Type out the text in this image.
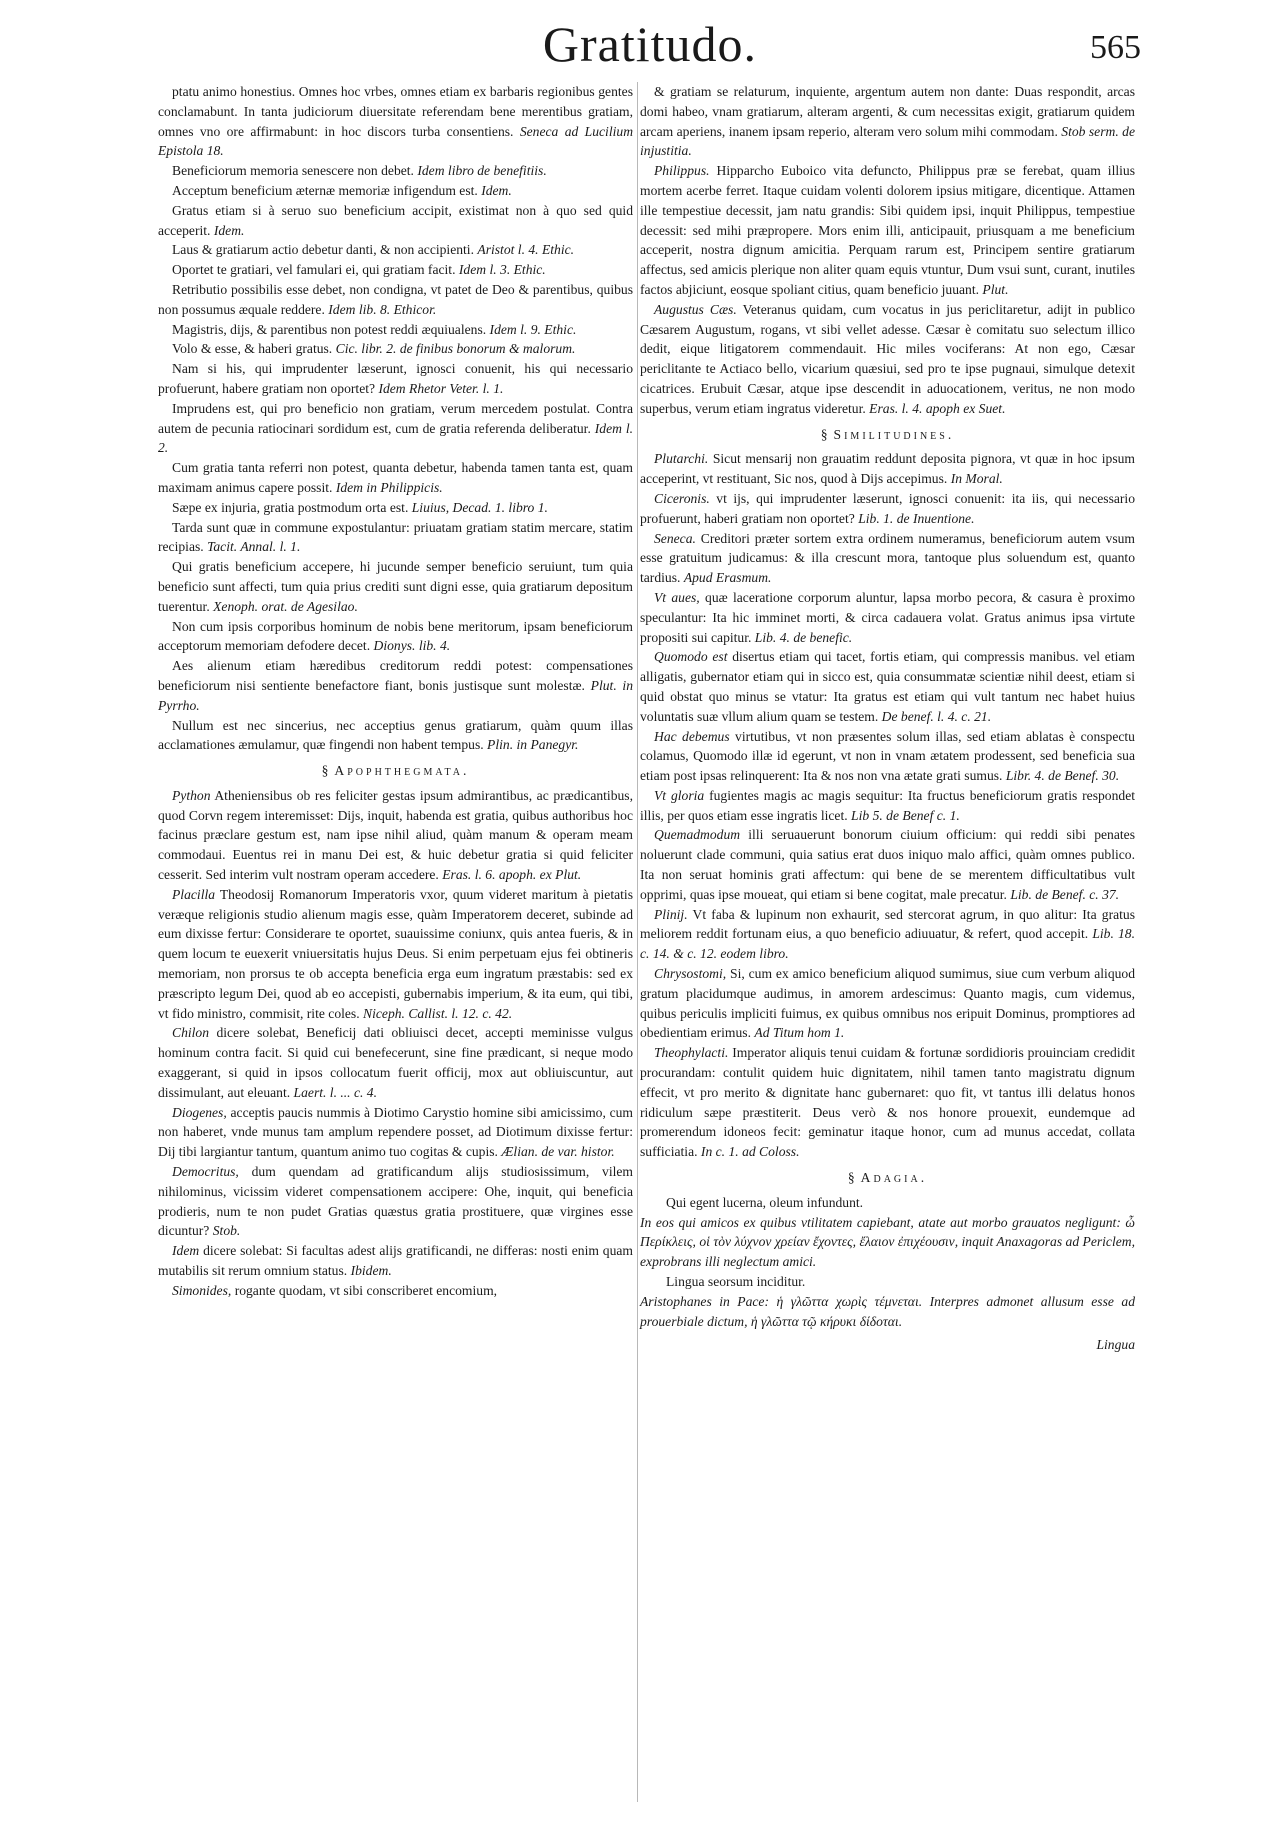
Gratitudo.	565

ptatu animo honestius. Omnes hoc vrbes, omnes etiam ex barbaris regionibus gentes conclamabunt. In tanta judiciorum diuersitate referendam bene merentibus gratiam, omnes vno ore affirmabunt: in hoc discors turba consentiens. Seneca ad Lucilium Epistola 18.

Beneficiorum memoria senescere non debet. Idem libro de benefitiis.

Acceptum beneficium æternæ memoriæ infigendum est. Idem.

Gratus etiam si à seruo suo beneficium accipit, existimat non à quo sed quid acceperit. Idem.

Laus & gratiarum actio debetur danti, & non accipienti. Aristot l. 4. Ethic.

Oportet te gratiari, vel famulari ei, qui gratiam facit. Idem l. 3. Ethic.

Retributio possibilis esse debet, non condigna, vt patet de Deo & parentibus, quibus non possumus æquale reddere. Idem lib. 8. Ethicor.

Magistris, dijs, & parentibus non potest reddi æquiualens. Idem l. 9. Ethic.

Volo & esse, & haberi gratus. Cic. libr. 2. de finibus bonorum & malorum.

Nam si his, qui imprudenter læserunt, ignosci conuenit, his qui necessario profuerunt, habere gratiam non oportet? Idem Rhetor Veter. l. 1.

Imprudens est, qui pro beneficio non gratiam, verum mercedem postulat. Contra autem de pecunia ratiocinari sordidum est, cum de gratia referenda deliberatur. Idem l. 2.

Cum gratia tanta referri non potest, quanta debetur, habenda tamen tanta est, quam maximam animus capere possit. Idem in Philippicis.

Sæpe ex injuria, gratia postmodum orta est. Liuius, Decad. 1. libro 1.

Tarda sunt quæ in commune expostulantur: priuatam gratiam statim mercare, statim recipias. Tacit. Annal. l. 1.

Qui gratis beneficium accepere, hi jucunde semper beneficio seruiunt, tum quia beneficio sunt affecti, tum quia prius crediti sunt digni esse, quia gratiarum depositum tuerentur. Xenoph. orat. de Agesilao.

Non cum ipsis corporibus hominum de nobis bene meritorum, ipsam beneficiorum acceptorum memoriam defodere decet. Dionys. lib. 4.

Aes alienum etiam hæredibus creditorum reddi potest: compensationes beneficiorum nisi sentiente benefactore fiant, bonis justisque sunt molestæ. Plut. in Pyrrho.

Nullum est nec sincerius, nec acceptius genus gratiarum, quàm quum illas acclamationes æmulamur, quæ fingendi non habent tempus. Plin. in Panegyr.

§ Apophthegmata.

Python Atheniensibus ob res feliciter gestas ipsum admirantibus, ac prædicantibus, quod Corvn regem interemisset: Dijs, inquit, habenda est gratia, quibus authoribus hoc facinus præclare gestum est, nam ipse nihil aliud, quàm manum & operam meam commodaui. Euentus rei in manu Dei est, & huic debetur gratia si quid feliciter cesserit. Sed interim vult nostram operam accedere. Eras. l. 6. apoph. ex Plut.

Placilla Theodosij Romanorum Imperatoris vxor, quum videret maritum à pietatis veræque religionis studio alienum magis esse, quàm Imperatorem deceret, subinde ad eum dixisse fertur: Considerare te oportet, suauissime coniunx, quis antea fueris, & in quem locum te euexerit vniuersitatis hujus Deus. Si enim perpetuam ejus fei obtineris memoriam, non prorsus te ob accepta beneficia erga eum ingratum præstabis: sed ex præscripto legum Dei, quod ab eo accepisti, gubernabis imperium, & ita eum, qui tibi, vt fido ministro, commisit, rite coles. Niceph. Callist. l. 12. c. 42.

Chilon dicere solebat, Beneficij dati obliuisci decet, accepti meminisse vulgus hominum contra facit. Si quid cui benefecerunt, sine fine prædicant, si neque modo exaggerant, si quid in ipsos collocatum fuerit officij, mox aut obliuiscuntur, aut dissimulant, aut eleuant. Laert. l. ... c. 4.

Diogenes, acceptis paucis nummis à Diotimo Carystio homine sibi amicissimo, cum non haberet, vnde munus tam amplum rependere posset, ad Diotimum dixisse fertur: Dij tibi largiantur tantum, quantum animo tuo cogitas & cupis. Ælian. de var. histor.

Democritus, dum quendam ad gratificandum alijs studiosissimum, vilem nihilominus, vicissim videret compensationem accipere: Ohe, inquit, qui beneficia prodieris, num te non pudet Gratias quæstus gratia prostituere, quæ virgines esse dicuntur? Stob.

Idem dicere solebat: Si facultas adest alijs gratificandi, ne differas: nosti enim quam mutabilis sit rerum omnium status. Ibidem.

Simonides, rogante quodam, vt sibi conscriberet encomium,

& gratiam se relaturum, inquiente, argentum autem non dante: Duas respondit, arcas domi habeo, vnam gratiarum, alteram argenti, & cum necessitas exigit, gratiarum quidem arcam aperiens, inanem ipsam reperio, alteram vero solum mihi commodam. Stob serm. de injustitia.

Philippus. Hipparcho Euboico vita defuncto, Philippus præ se ferebat, quam illius mortem acerbe ferret. Itaque cuidam volenti dolorem ipsius mitigare, dicentique. Attamen ille tempestiue decessit, jam natu grandis: Sibi quidem ipsi, inquit Philippus, tempestiue decessit: sed mihi præpropere. Mors enim illi, anticipauit, priusquam a me beneficium acceperit, nostra dignum amicitia. Perquam rarum est, Principem sentire gratiarum affectus, sed amicis plerique non aliter quam equis vtuntur, Dum vsui sunt, curant, inutiles factos abjiciunt, eosque spoliant citius, quam beneficio juuant. Plut.

Augustus Cæs. Veteranus quidam, cum vocatus in jus periclitaretur, adijt in publico Cæsarem Augustum, rogans, vt sibi vellet adesse. Cæsar è comitatu suo selectum illico dedit, eique litigatorem commendauit. Hic miles vociferans: At non ego, Cæsar periclitante te Actiaco bello, vicarium quæsiui, sed pro te ipse pugnaui, simulque detexit cicatrices. Erubuit Cæsar, atque ipse descendit in aduocationem, veritus, ne non modo superbus, verum etiam ingratus videretur. Eras. l. 4. apoph ex Suet.

§ Similitudines.

Plutarchi. Sicut mensarij non grauatim reddunt deposita pignora, vt quæ in hoc ipsum acceperint, vt restituant, Sic nos, quod à Dijs accepimus. In Moral.

Ciceronis. vt ijs, qui imprudenter læserunt, ignosci conuenit: ita iis, qui necessario profuerunt, haberi gratiam non oportet? Lib. 1. de Inuentione.

Seneca. Creditori præter sortem extra ordinem numeramus, beneficiorum autem vsum esse gratuitum judicamus: & illa crescunt mora, tantoque plus soluendum est, quanto tardius. Apud Erasmum.

Vt aues, quæ laceratione corporum aluntur, lapsa morbo pecora, & casura è proximo speculantur: Ita hic imminet morti, & circa cadauera volat. Gratus animus ipsa virtute propositi sui capitur. Lib. 4. de benefic.

Quomodo est disertus etiam qui tacet, fortis etiam, qui compressis manibus. vel etiam alligatis, gubernator etiam qui in sicco est, quia consummatæ scientiæ nihil deest, etiam si quid obstat quo minus se vtatur: Ita gratus est etiam qui vult tantum nec habet huius voluntatis suæ vllum alium quam se testem. De benef. l. 4. c. 21.

Hac debemus virtutibus, vt non præsentes solum illas, sed etiam ablatas è conspectu colamus, Quomodo illæ id egerunt, vt non in vnam ætatem prodessent, sed beneficia sua etiam post ipsas relinquerent: Ita & nos non vna ætate grati sumus. Libr. 4. de Benef. 30.

Vt gloria fugientes magis ac magis sequitur: Ita fructus beneficiorum gratis respondet illis, per quos etiam esse ingratis licet. Lib 5. de Benef c. 1.

Quemadmodum illi seruauerunt bonorum ciuium officium: qui reddi sibi penates noluerunt clade communi, quia satius erat duos iniquo malo affici, quàm omnes publico. Ita non seruat hominis grati affectum: qui bene de se merentem difficultatibus vult opprimi, quas ipse moueat, qui etiam si bene cogitat, male precatur. Lib. de Benef. c. 37.

Plinij. Vt faba & lupinum non exhaurit, sed stercorat agrum, in quo alitur: Ita gratus meliorem reddit fortunam eius, a quo beneficio adiuuatur, & refert, quod accepit. Lib. 18. c. 14. & c. 12. eodem libro.

Chrysostomi, Si, cum ex amico beneficium aliquod sumimus, siue cum verbum aliquod gratum placidumque audimus, in amorem ardescimus: Quanto magis, cum videmus, quibus periculis impliciti fuimus, ex quibus omnibus nos eripuit Dominus, promptiores ad obedientiam erimus. Ad Titum hom 1.

Theophylacti. Imperator aliquis tenui cuidam & fortunæ sordidioris prouinciam credidit procurandam: contulit quidem huic dignitatem, nihil tamen tanto magistratu dignum effecit, vt pro merito & dignitate hanc gubernaret: quo fit, vt tantus illi delatus honos ridiculum sæpe præstiterit. Deus verò & nos honore prouexit, eundemque ad promerendum idoneos fecit: geminatur itaque honor, cum ad munus accedat, collata sufficiatia. In c. 1. ad Coloss.

§ Adagia.

Qui egent lucerna, oleum infundunt.

In eos qui amicos ex quibus vtilitatem capiebant, atate aut morbo grauatos negligunt: ὦ Περίκλεις, οἱ τὸν λύχνον χρείαν ἔχοντες, ἔλαιον ἐπιχέουσιν, inquit Anaxagoras ad Periclem, exprobrans illi neglectum amici.

Lingua seorsum inciditur.

Aristophanes in Pace: ἡ γλῶττα χωρὶς τέμνεται. Interpres admonet allusum esse ad prouerbiale dictum, ἡ γλῶττα τῷ κήρυκι δίδοται.

Lingua
